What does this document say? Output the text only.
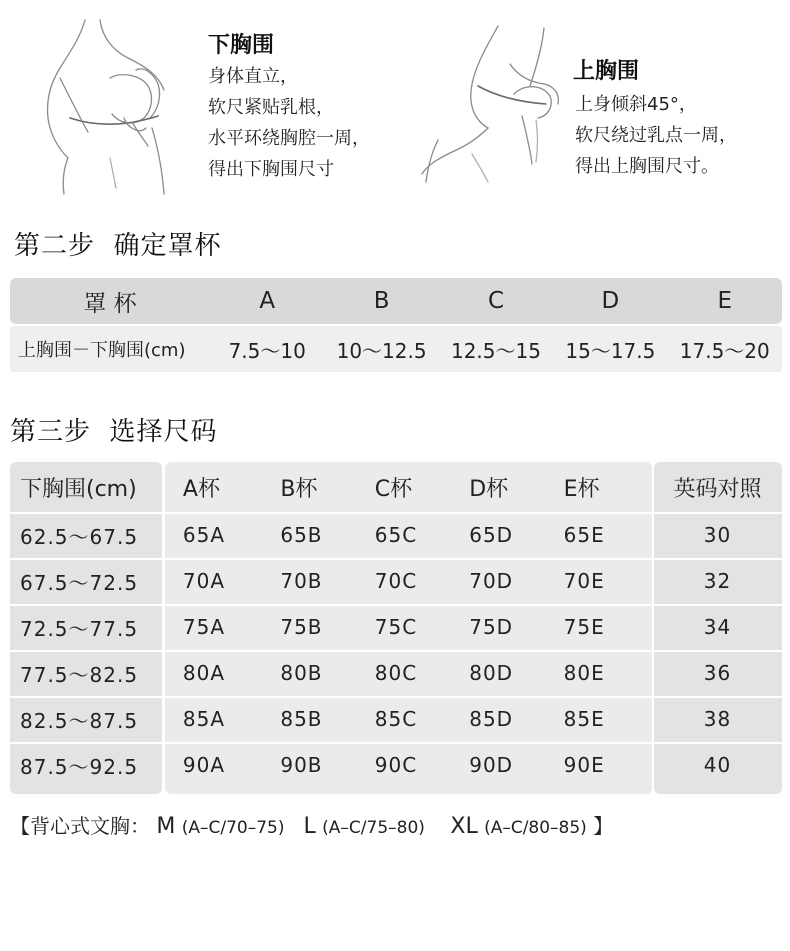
下胸围
身体直立，
软尺紧贴乳根，
水平环绕胸腔一周，
得出下胸围尺寸
上胸围
上身倾斜45°，
软尺绕过乳点一周，
得出上胸围尺寸。
第二步  确定罩杯
罩 杯	A	B	C	D	E
上胸围－下胸围(cm)	7.5～10	10～12.5	12.5～15	15～17.5	17.5～20
第三步  选择尺码
下胸围(cm)	A杯	B杯	C杯	D杯	E杯	英码对照
62.5～67.5	65A	65B	65C	65D	65E	30
67.5～72.5	70A	70B	70C	70D	70E	32
72.5～77.5	75A	75B	75C	75D	75E	34
77.5～82.5	80A	80B	80C	80D	80E	36
82.5～87.5	85A	85B	85C	85D	85E	38
87.5～92.5	90A	90B	90C	90D	90E	40
【背心式文胸： M (A–C/70–75) L (A–C/75–80) XL (A–C/80–85) 】
